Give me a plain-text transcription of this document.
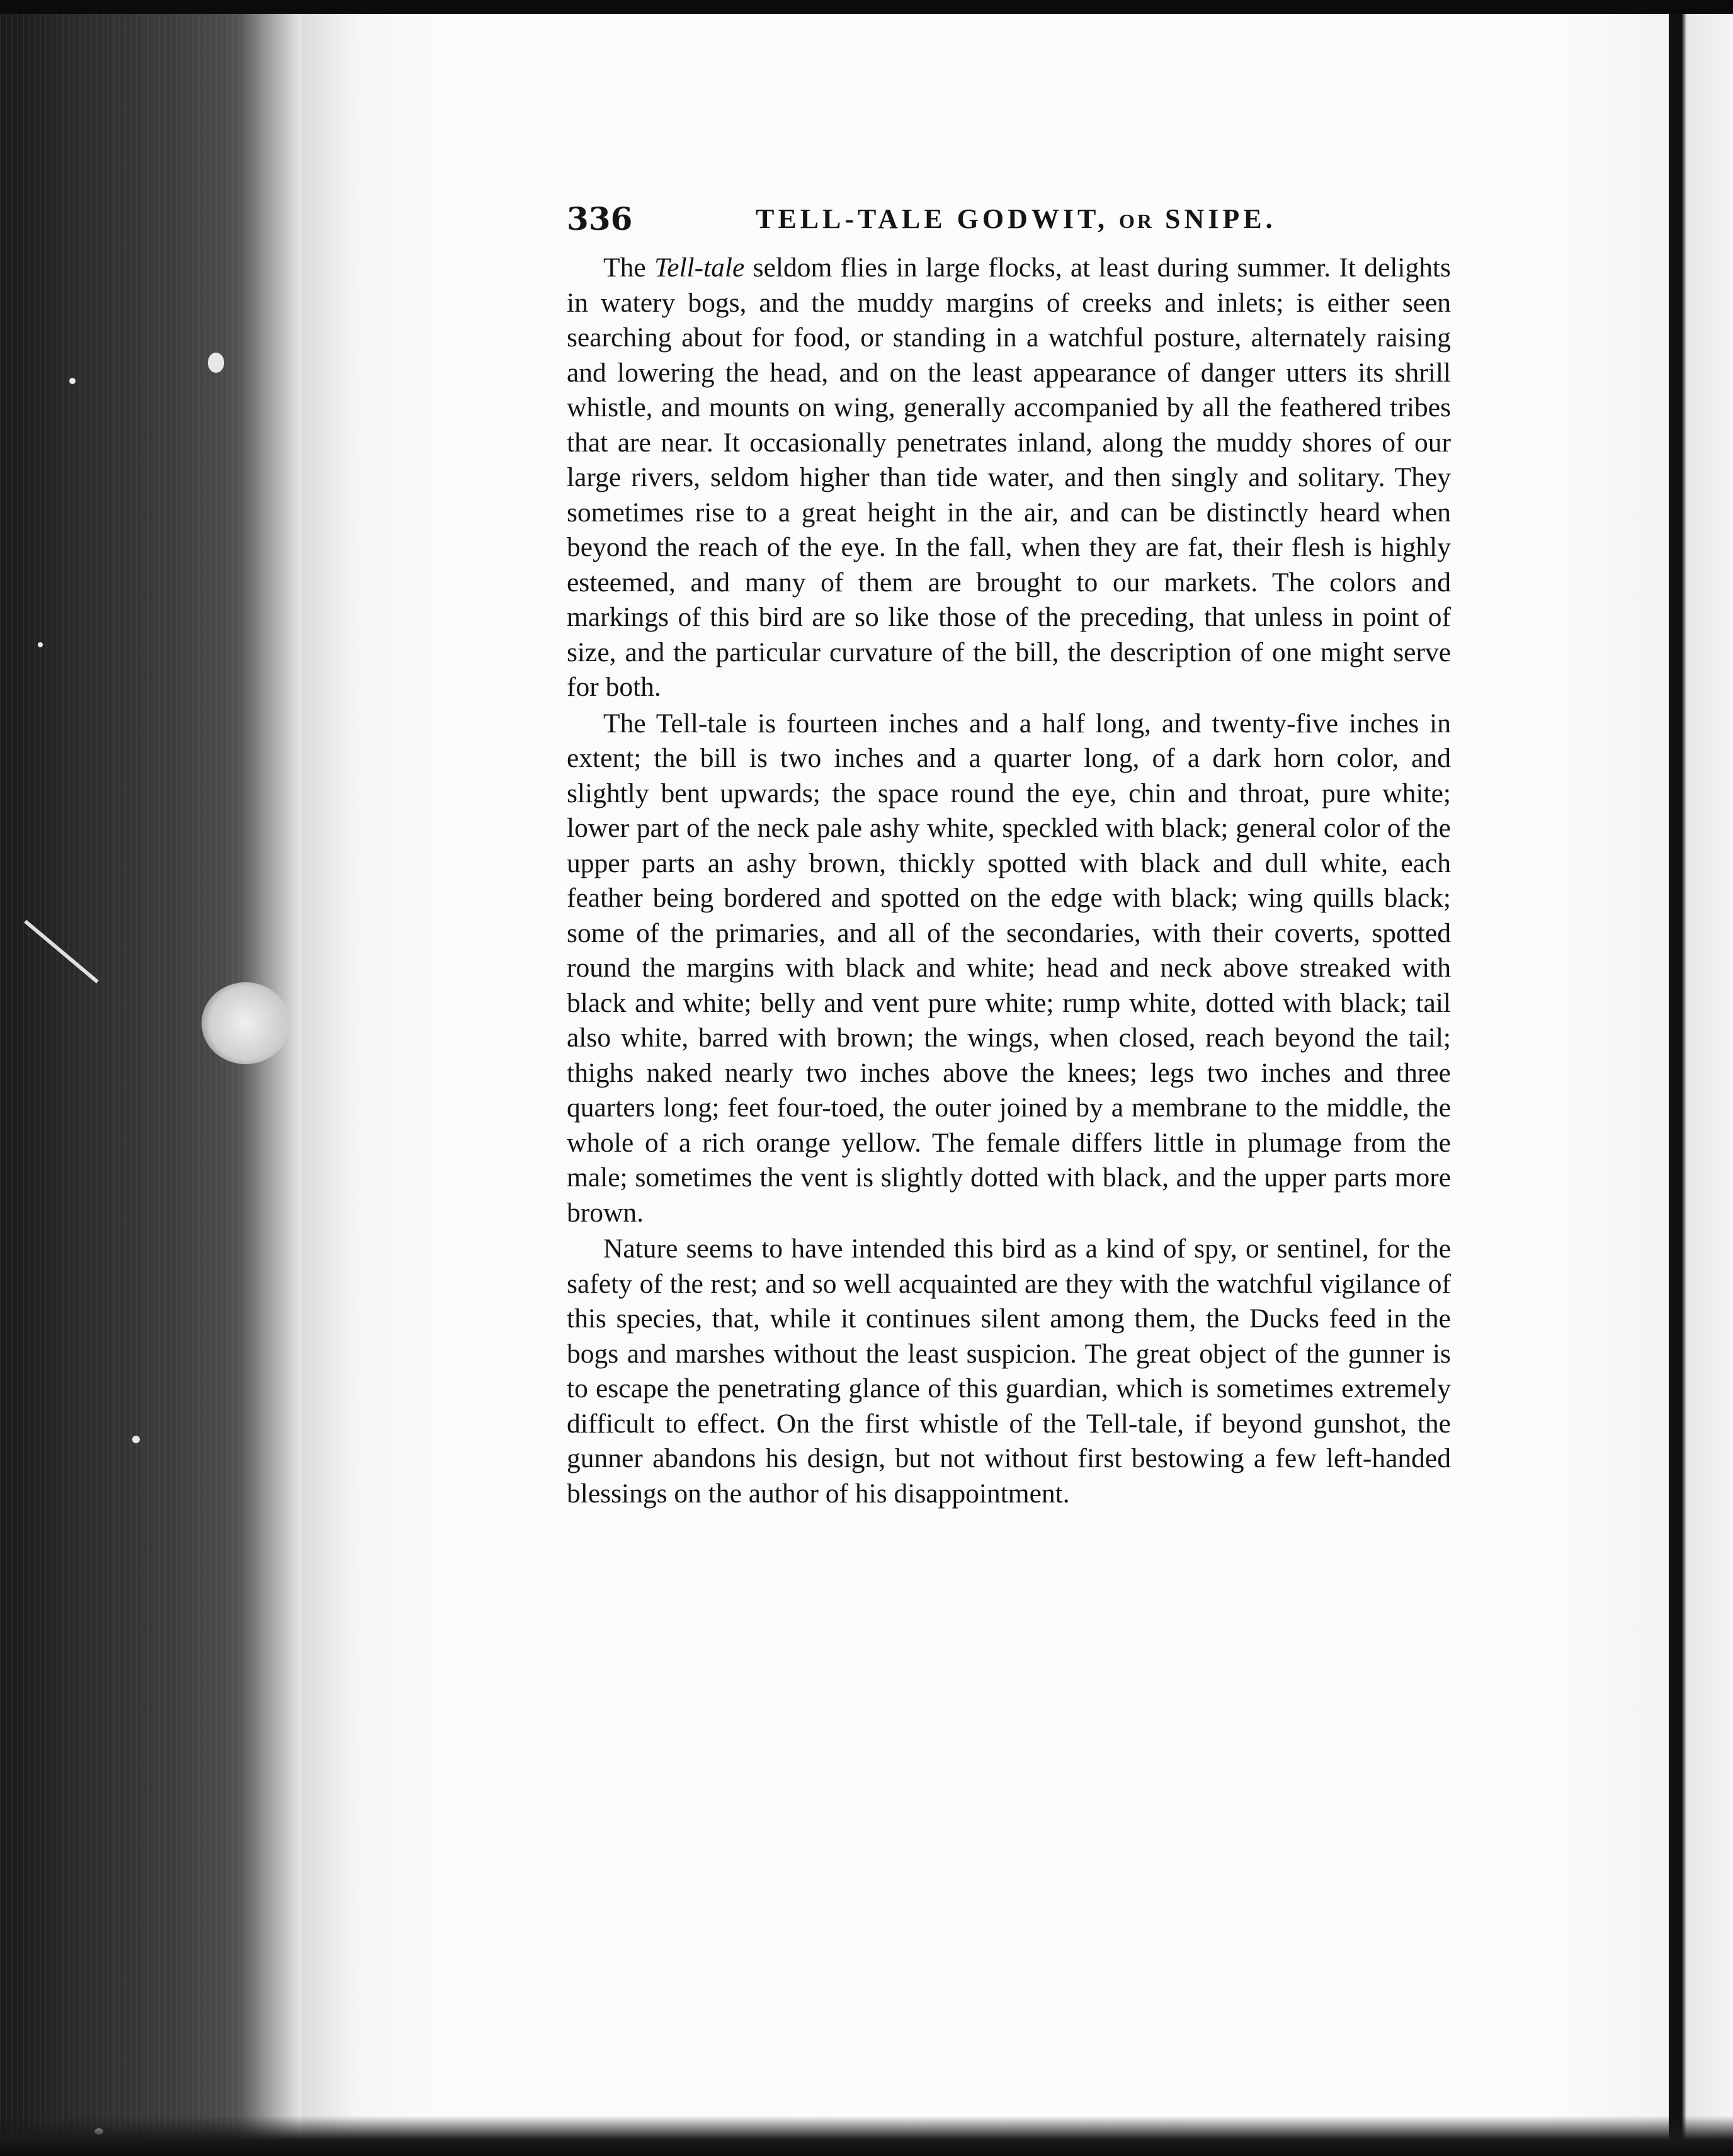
336	TELL-TALE GODWIT, OR SNIPE.

The Tell-tale seldom flies in large flocks, at least during summer. It delights in watery bogs, and the muddy margins of creeks and inlets; is either seen searching about for food, or standing in a watchful posture, alternately raising and lowering the head, and on the least appearance of danger utters its shrill whistle, and mounts on wing, generally accompanied by all the feathered tribes that are near. It occasionally penetrates inland, along the muddy shores of our large rivers, seldom higher than tide water, and then singly and solitary. They sometimes rise to a great height in the air, and can be distinctly heard when beyond the reach of the eye. In the fall, when they are fat, their flesh is highly esteemed, and many of them are brought to our markets. The colors and markings of this bird are so like those of the preceding, that unless in point of size, and the particular curvature of the bill, the description of one might serve for both.

The Tell-tale is fourteen inches and a half long, and twenty-five inches in extent; the bill is two inches and a quarter long, of a dark horn color, and slightly bent upwards; the space round the eye, chin and throat, pure white; lower part of the neck pale ashy white, speckled with black; general color of the upper parts an ashy brown, thickly spotted with black and dull white, each feather being bordered and spotted on the edge with black; wing quills black; some of the primaries, and all of the secondaries, with their coverts, spotted round the margins with black and white; head and neck above streaked with black and white; belly and vent pure white; rump white, dotted with black; tail also white, barred with brown; the wings, when closed, reach beyond the tail; thighs naked nearly two inches above the knees; legs two inches and three quarters long; feet four-toed, the outer joined by a membrane to the middle, the whole of a rich orange yellow. The female differs little in plumage from the male; sometimes the vent is slightly dotted with black, and the upper parts more brown.

Nature seems to have intended this bird as a kind of spy, or sentinel, for the safety of the rest; and so well acquainted are they with the watchful vigilance of this species, that, while it continues silent among them, the Ducks feed in the bogs and marshes without the least suspicion. The great object of the gunner is to escape the penetrating glance of this guardian, which is sometimes extremely difficult to effect. On the first whistle of the Tell-tale, if beyond gunshot, the gunner abandons his design, but not without first bestowing a few left-handed blessings on the author of his disappointment.
